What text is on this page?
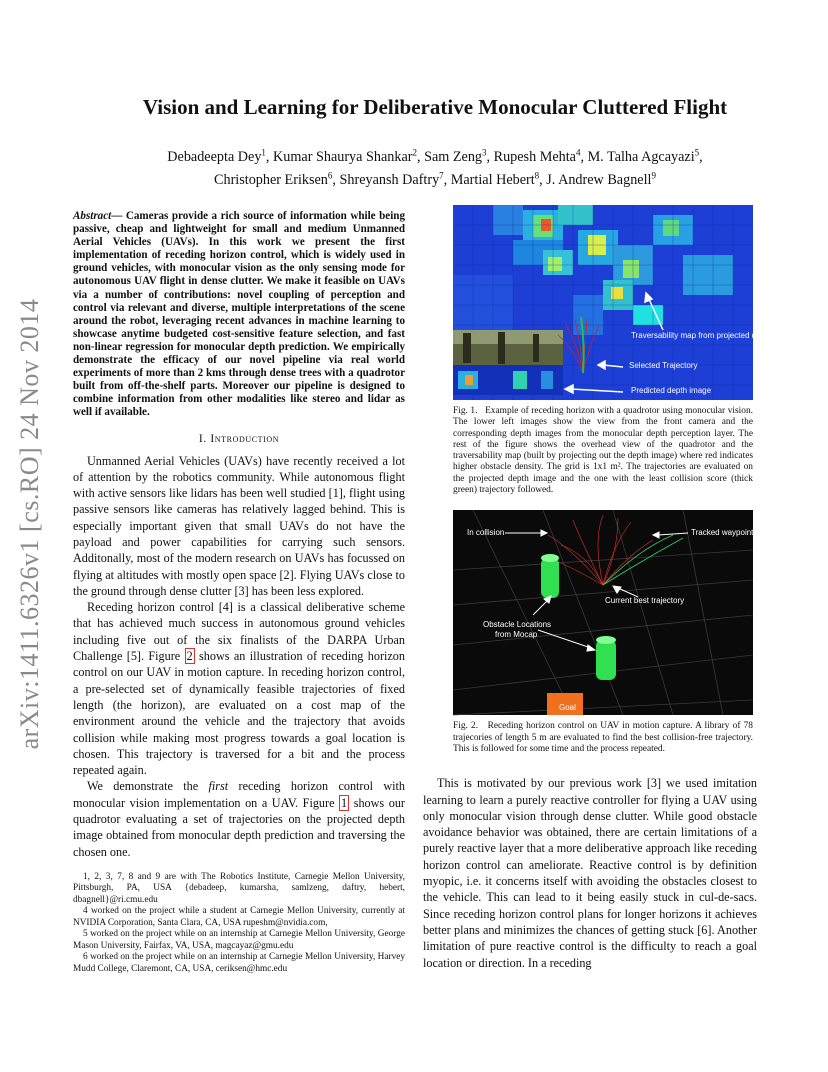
arXiv:1411.6326v1 [cs.RO] 24 Nov 2014
Vision and Learning for Deliberative Monocular Cluttered Flight
Debadeepta Dey$^1$, Kumar Shaurya Shankar$^2$, Sam Zeng$^3$, Rupesh Mehta$^4$, M. Talha Agcayazi$^5$,
Christopher Eriksen$^6$, Shreyansh Daftry$^7$, Martial Hebert$^8$, J. Andrew Bagnell$^9$
Abstract— Cameras provide a rich source of information while being passive, cheap and lightweight for small and medium Unmanned Aerial Vehicles (UAVs). In this work we present the first implementation of receding horizon control, which is widely used in ground vehicles, with monocular vision as the only sensing mode for autonomous UAV flight in dense clutter. We make it feasible on UAVs via a number of contributions: novel coupling of perception and control via relevant and diverse, multiple interpretations of the scene around the robot, leveraging recent advances in machine learning to showcase anytime budgeted cost-sensitive feature selection, and fast non-linear regression for monocular depth prediction. We empirically demonstrate the efficacy of our novel pipeline via real world experiments of more than 2 kms through dense trees with a quadrotor built from off-the-shelf parts. Moreover our pipeline is designed to combine information from other modalities like stereo and lidar as well if available.
I. Introduction

Unmanned Aerial Vehicles (UAVs) have recently received a lot of attention by the robotics community. While autonomous flight with active sensors like lidars has been well studied [1], flight using passive sensors like cameras has relatively lagged behind. This is especially important given that small UAVs do not have the payload and power capabilities for carrying such sensors. Additonally, most of the modern research on UAVs has focussed on flying at altitudes with mostly open space [2]. Flying UAVs close to the ground through dense clutter [3] has been less explored.

Receding horizon control [4] is a classical deliberative scheme that has achieved much success in autonomous ground vehicles including five out of the six finalists of the DARPA Urban Challenge [5]. Figure 2 shows an illustration of receding horizon control on our UAV in motion capture. In receding horizon control, a pre-selected set of dynamically feasible trajectories of fixed length (the horizon), are evaluated on a cost map of the environment around the vehicle and the trajectory that avoids collision while making most progress towards a goal location is chosen. This trajectory is traversed for a bit and the process repeated again.

We demonstrate the first receding horizon control with monocular vision implementation on a UAV. Figure 1 shows our quadrotor evaluating a set of trajectories on the projected depth image obtained from monocular depth prediction and traversing the chosen one.

1, 2, 3, 7, 8 and 9 are with The Robotics Institute, Carnegie Mellon University, Pittsburgh, PA, USA {debadeep, kumarsha, samlzeng, daftry, hebert, dbagnell}@ri.cmu.edu

4 worked on the project while a student at Carnegie Mellon University, currently at NVIDIA Corporation, Santa Clara, CA, USA rupeshm@nvidia.com,

5 worked on the project while on an internship at Carnegie Mellon University, George Mason University, Fairfax, VA, USA, magcayaz@gmu.edu

6 worked on the project while on an internship at Carnegie Mellon University, Harvey Mudd College, Claremont, CA, USA, ceriksen@hmc.edu

Traversability map from projected depth image
Selected Trajectory
Predicted depth image
Fig. 1. Example of receding horizon with a quadrotor using monocular vision. The lower left images show the view from the front camera and the corresponding depth images from the monocular depth perception layer. The rest of the figure shows the overhead view of the quadrotor and the traversability map (built by projecting out the depth image) where red indicates higher obstacle density. The grid is 1x1 m². The trajectories are evaluated on the projected depth image and the one with the least collision score (thick green) trajectory followed.
In collision	Tracked waypoint
Current best trajectory
Obstacle Locations
from Mocap
Goal
Fig. 2. Receding horizon control on UAV in motion capture. A library of 78 trajecories of length 5 m are evaluated to find the best collision-free trajectory. This is followed for some time and the process repeated.

This is motivated by our previous work [3] we used imitation learning to learn a purely reactive controller for flying a UAV using only monocular vision through dense clutter. While good obstacle avoidance behavior was obtained, there are certain limitations of a purely reactive layer that a more deliberative approach like receding horizon control can ameliorate. Reactive control is by definition myopic, i.e. it concerns itself with avoiding the obstacles closest to the vehicle. This can lead to it being easily stuck in cul-de-sacs. Since receding horizon control plans for longer horizons it achieves better plans and minimizes the chances of getting stuck [6]. Another limitation of pure reactive control is the difficulty to reach a goal location or direction. In a receding
